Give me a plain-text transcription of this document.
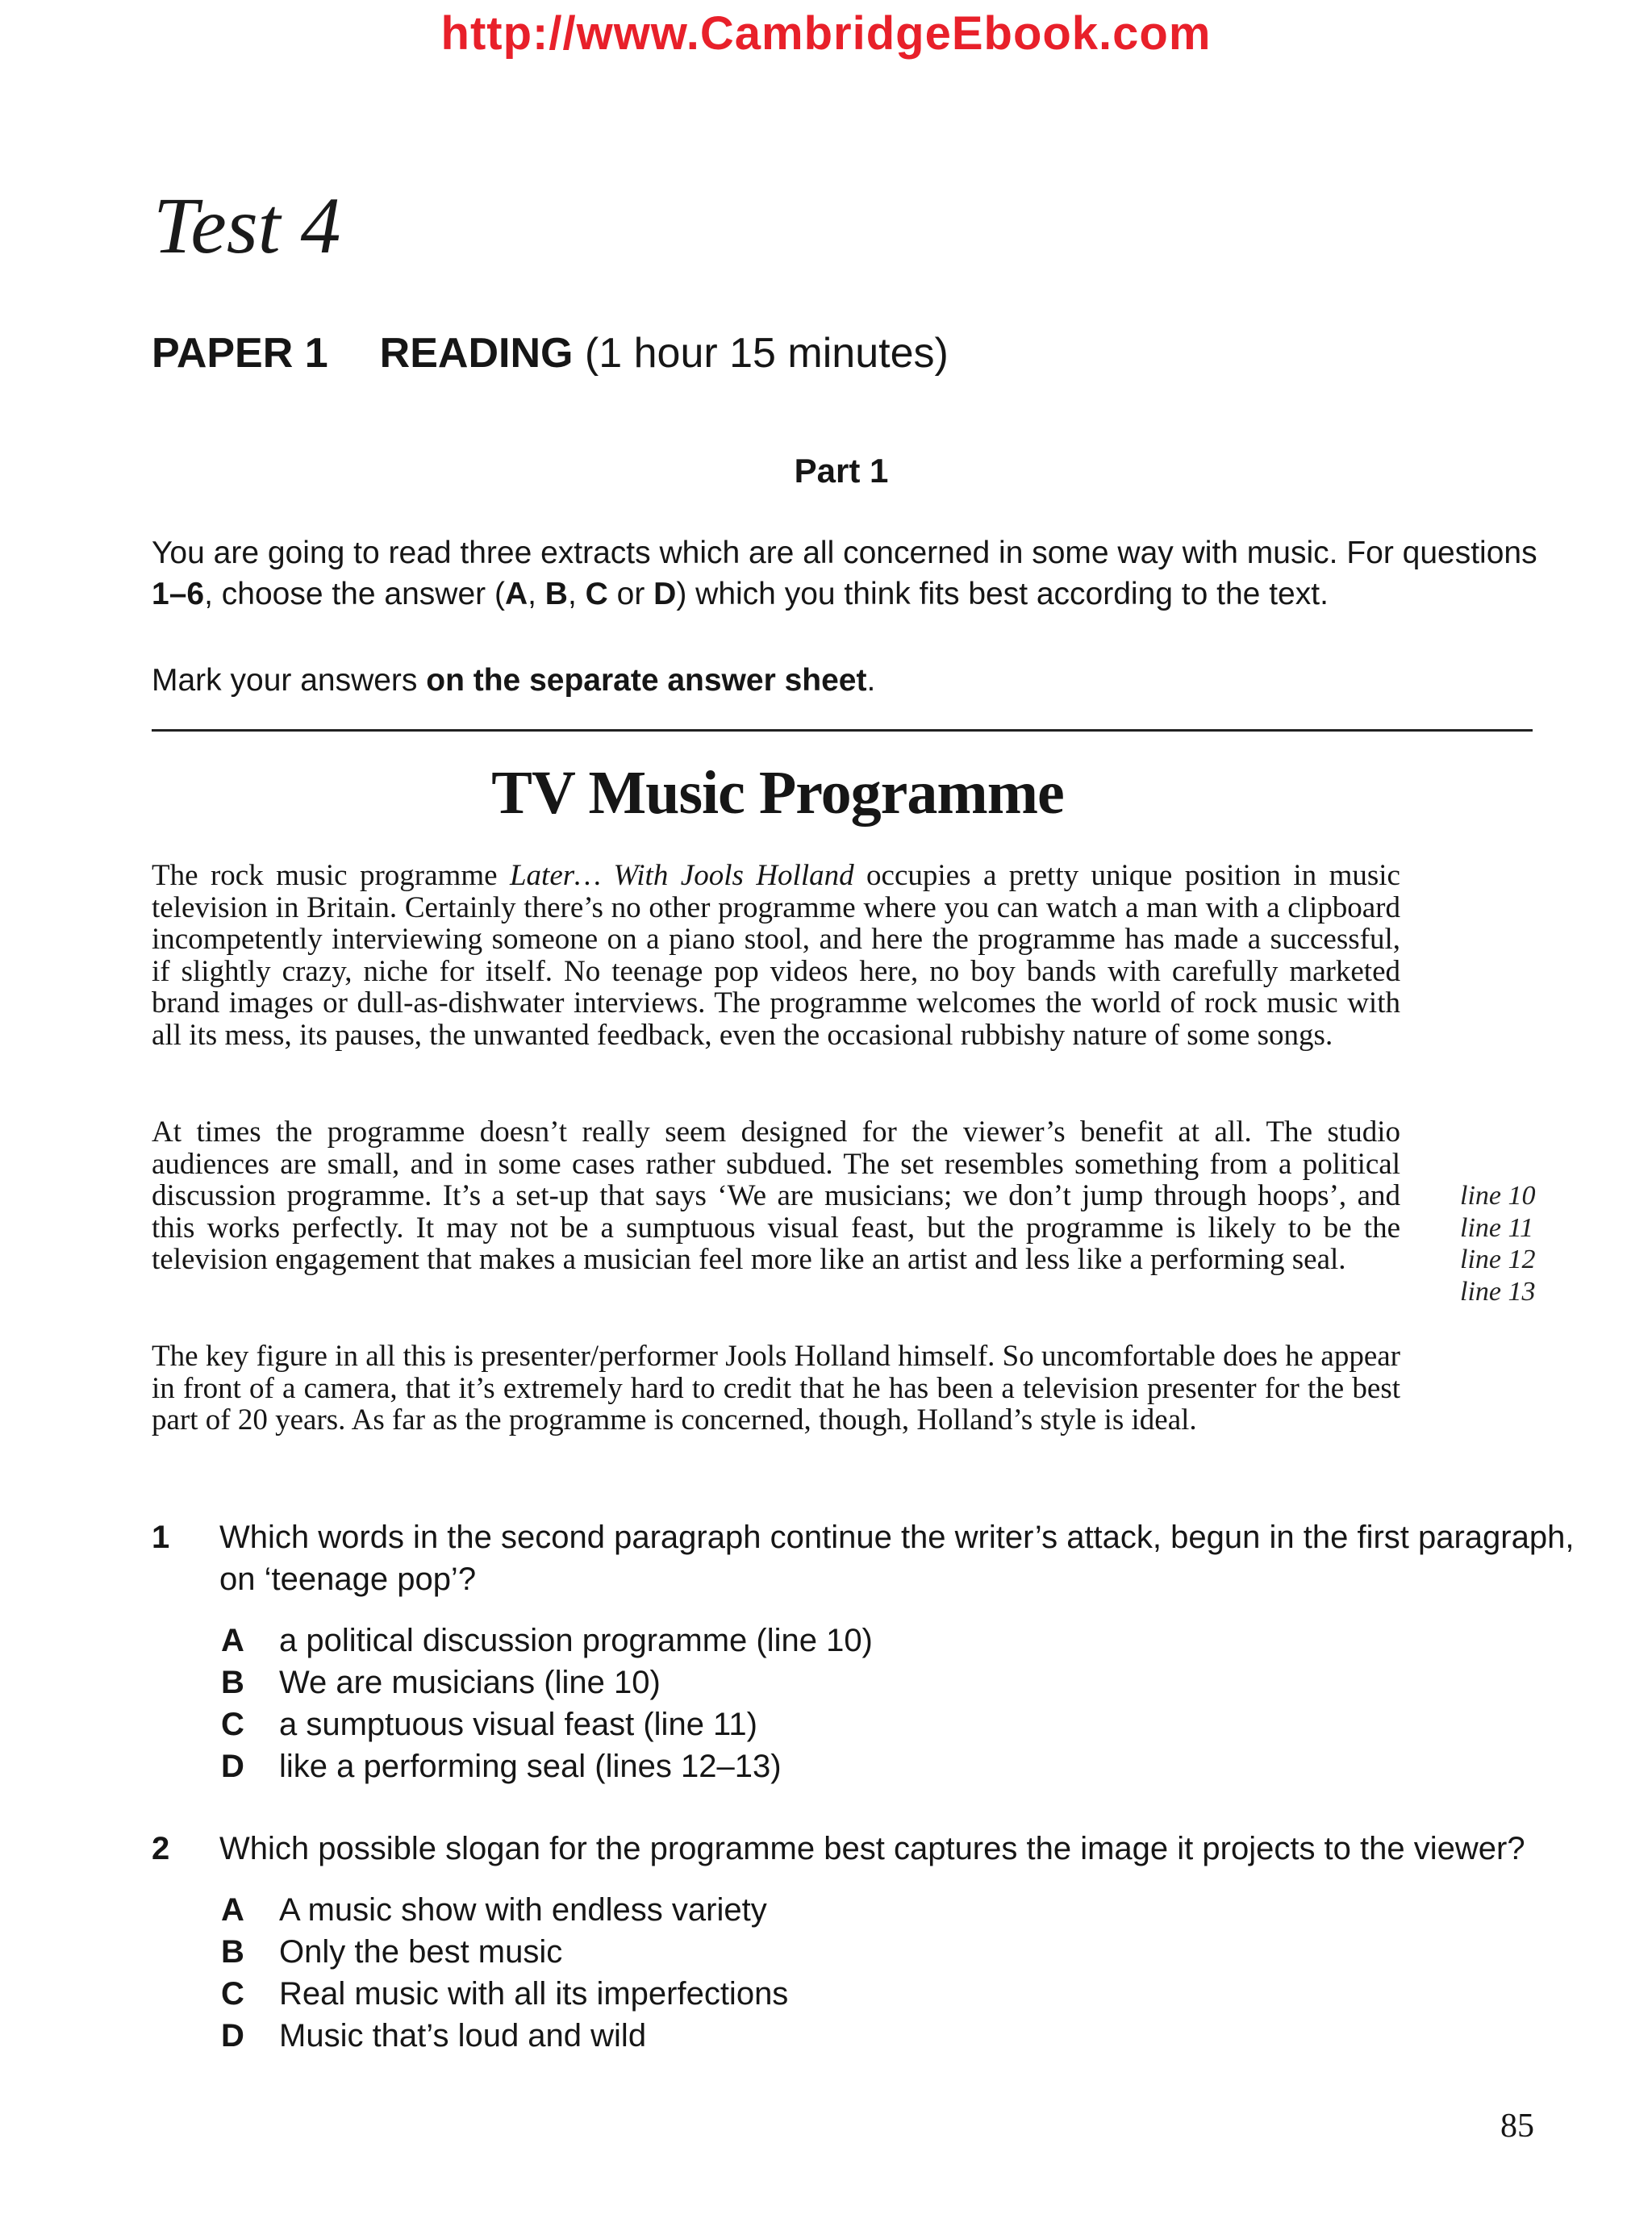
http://www.CambridgeEbook.com
Test 4
PAPER 1 READING (1 hour 15 minutes)
Part 1
You are going to read three extracts which are all concerned in some way with music. For questions
1–6, choose the answer (A, B, C or D) which you think fits best according to the text.
Mark your answers on the separate answer sheet.
TV Music Programme

The rock music programme Later… With Jools Holland occupies a pretty unique position in music television in Britain. Certainly there’s no other programme where you can watch a man with a clipboard incompetently interviewing someone on a piano stool, and here the programme has made a successful, if slightly crazy, niche for itself. No teenage pop videos here, no boy bands with carefully marketed brand images or dull-as-dishwater interviews. The programme welcomes the world of rock music with all its mess, its pauses, the unwanted feedback, even the occasional rubbishy nature of some songs.

At times the programme doesn’t really seem designed for the viewer’s benefit at all. The studio audiences are small, and in some cases rather subdued. The set resembles something from a political discussion programme. It’s a set-up that says ‘We are musicians; we don’t jump through hoops’, and this works perfectly. It may not be a sumptuous visual feast, but the programme is likely to be the television engagement that makes a musician feel more like an artist and less like a performing seal.

line 10
line 11
line 12
line 13

The key figure in all this is presenter/performer Jools Holland himself. So uncomfortable does he appear in front of a camera, that it’s extremely hard to credit that he has been a television presenter for the best part of 20 years. As far as the programme is concerned, though, Holland’s style is ideal.

1 Which words in the second paragraph continue the writer’s attack, begun in the first paragraph, on ‘teenage pop’?
A a political discussion programme (line 10)
B We are musicians (line 10)
C a sumptuous visual feast (line 11)
D like a performing seal (lines 12–13)
2 Which possible slogan for the programme best captures the image it projects to the viewer?
A A music show with endless variety
B Only the best music
C Real music with all its imperfections
D Music that’s loud and wild
85
